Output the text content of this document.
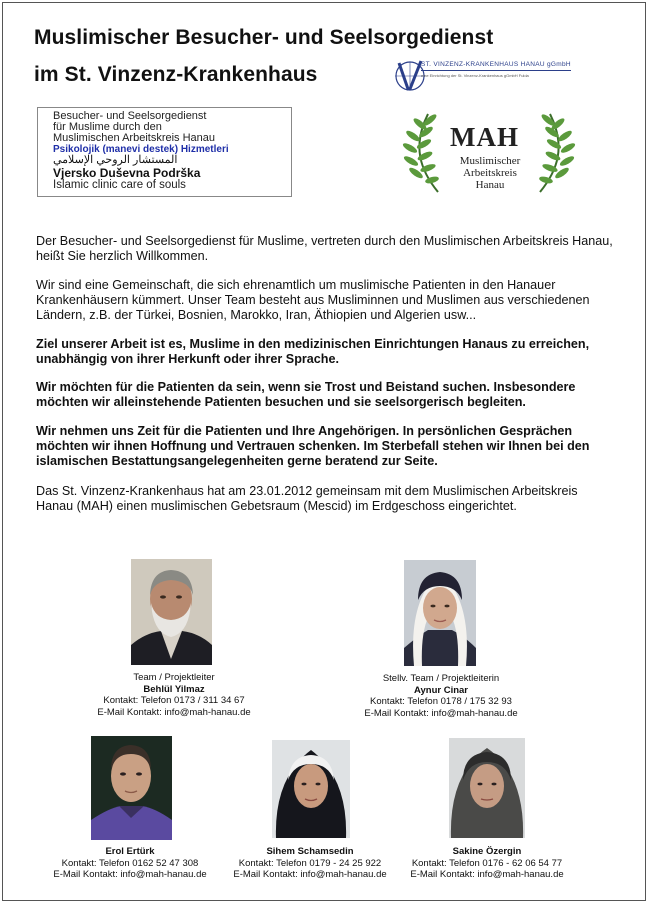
Muslimischer Besucher- und Seelsorgedienst
im St. Vinzenz-Krankenhaus	ST. VINZENZ-KRANKENHAUS HANAU gGmbH
eine Einrichtung der St. Vinzenz-Krankenhaus gGmbH Fulda
Besucher- und Seelsorgedienst
für Muslime durch den
Muslimischen Arbeitskreis Hanau
Psikolojik (manevi destek) Hizmetleri
المستشار الروحي الإسلامي
Vjersko Duševna Podrška
Islamic clinic care of souls
MAH
Muslimischer
Arbeitskreis
Hanau
Der Besucher- und Seelsorgedienst für Muslime, vertreten durch den Muslimischen Arbeitskreis Hanau, heißt Sie herzlich Willkommen.
Wir sind eine Gemeinschaft, die sich ehrenamtlich um muslimische Patienten in den Hanauer Krankenhäusern kümmert. Unser Team besteht aus Musliminnen und Muslimen aus verschiedenen Ländern, z.B. der Türkei, Bosnien, Marokko, Iran, Äthiopien und Algerien usw...
Ziel unserer Arbeit ist es, Muslime in den medizinischen Einrichtungen Hanaus zu erreichen, unabhängig von ihrer Herkunft oder ihrer Sprache.
Wir möchten für die Patienten da sein, wenn sie Trost und Beistand suchen. Insbesondere möchten wir alleinstehende Patienten besuchen und sie seelsorgerisch begleiten.
Wir nehmen uns Zeit für die Patienten und Ihre Angehörigen. In persönlichen Gesprächen möchten wir ihnen Hoffnung und Vertrauen schenken. Im Sterbefall stehen wir Ihnen bei den islamischen Bestattungsangelegenheiten gerne beratend zur Seite.
Das St. Vinzenz-Krankenhaus hat am 23.01.2012 gemeinsam mit dem Muslimischen Arbeitskreis Hanau (MAH) einen muslimischen Gebetsraum (Mescid) im Erdgeschoss eingerichtet.
Team / Projektleiter
Behlül Yilmaz
Kontakt: Telefon 0173 / 311 34 67
E-Mail Kontakt: info@mah-hanau.de
Stellv. Team / Projektleiterin
Aynur Cinar
Kontakt: Telefon 0178 / 175 32 93
E-Mail Kontakt: info@mah-hanau.de
Erol Ertürk
Kontakt: Telefon 0162 52 47 308
E-Mail Kontakt: info@mah-hanau.de
Sihem Schamsedin
Kontakt: Telefon 0179 - 24 25 922
E-Mail Kontakt: info@mah-hanau.de
Sakine Özergin
Kontakt: Telefon 0176 - 62 06 54 77
E-Mail Kontakt: info@mah-hanau.de
